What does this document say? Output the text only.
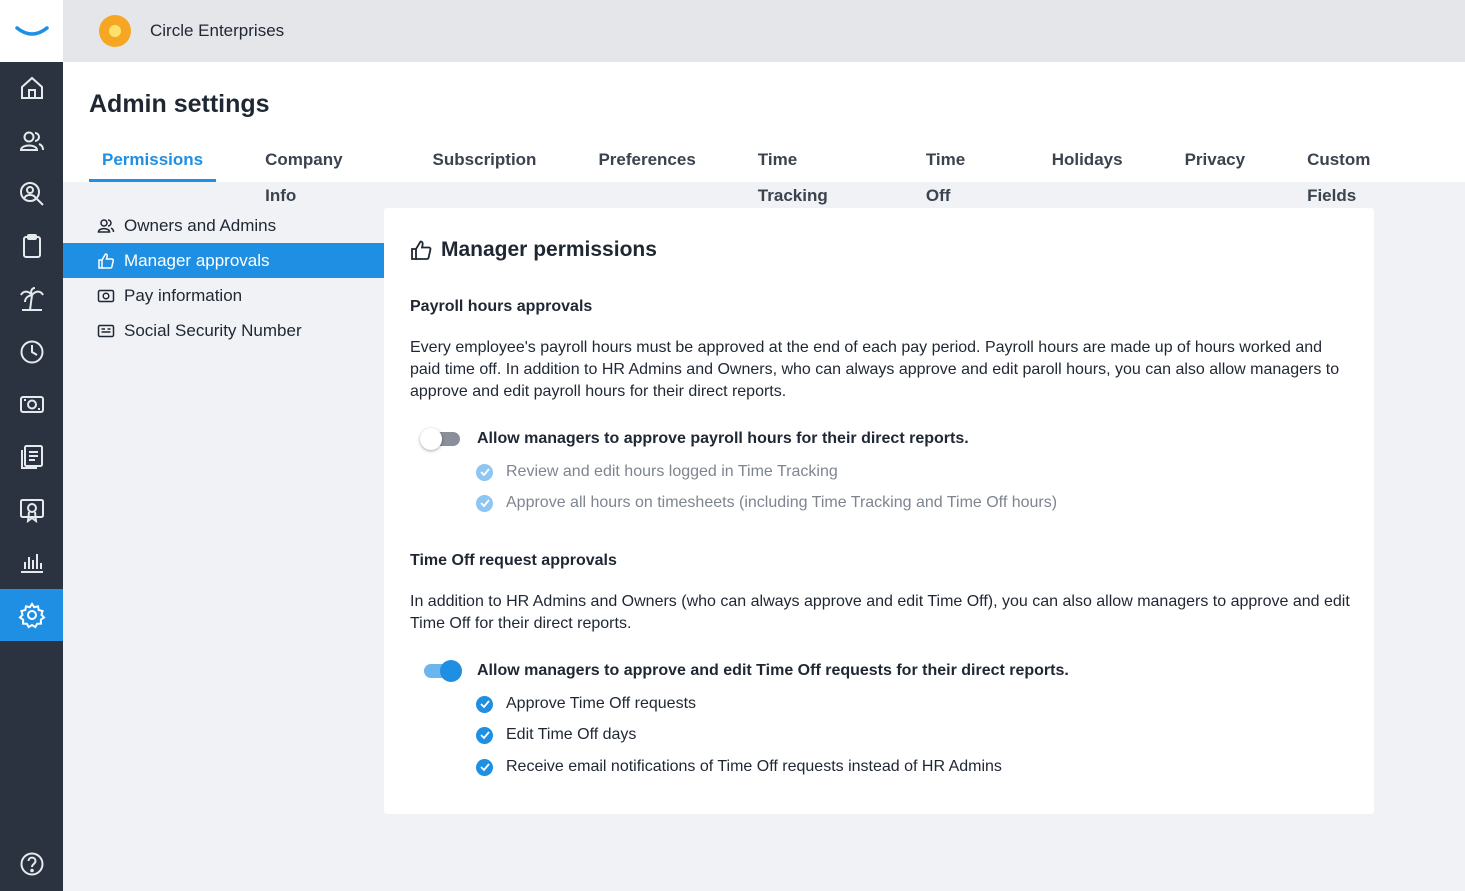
Circle Enterprises
Admin settings
Permissions	Company Info
Subscription	Preferences	Time Tracking
Time Off
Holidays	Privacy	Custom Fields
Owners and Admins
Manager approvals
Pay information
Social Security Number
Manager permissions
Payroll hours approvals
Every employee's payroll hours must be approved at the end of each pay period. Payroll hours are made up of hours worked and paid time off. In addition to HR Admins and Owners, who can always approve and edit paroll hours, you can also allow managers to approve and edit payroll hours for their direct reports.
Allow managers to approve payroll hours for their direct reports.
Review and edit hours logged in Time Tracking
Approve all hours on timesheets (including Time Tracking and Time Off hours)
Time Off request approvals
In addition to HR Admins and Owners (who can always approve and edit Time Off), you can also allow managers to approve and edit Time Off for their direct reports.
Allow managers to approve and edit Time Off requests for their direct reports.
Approve Time Off requests
Edit Time Off days
Receive email notifications of Time Off requests instead of HR Admins
